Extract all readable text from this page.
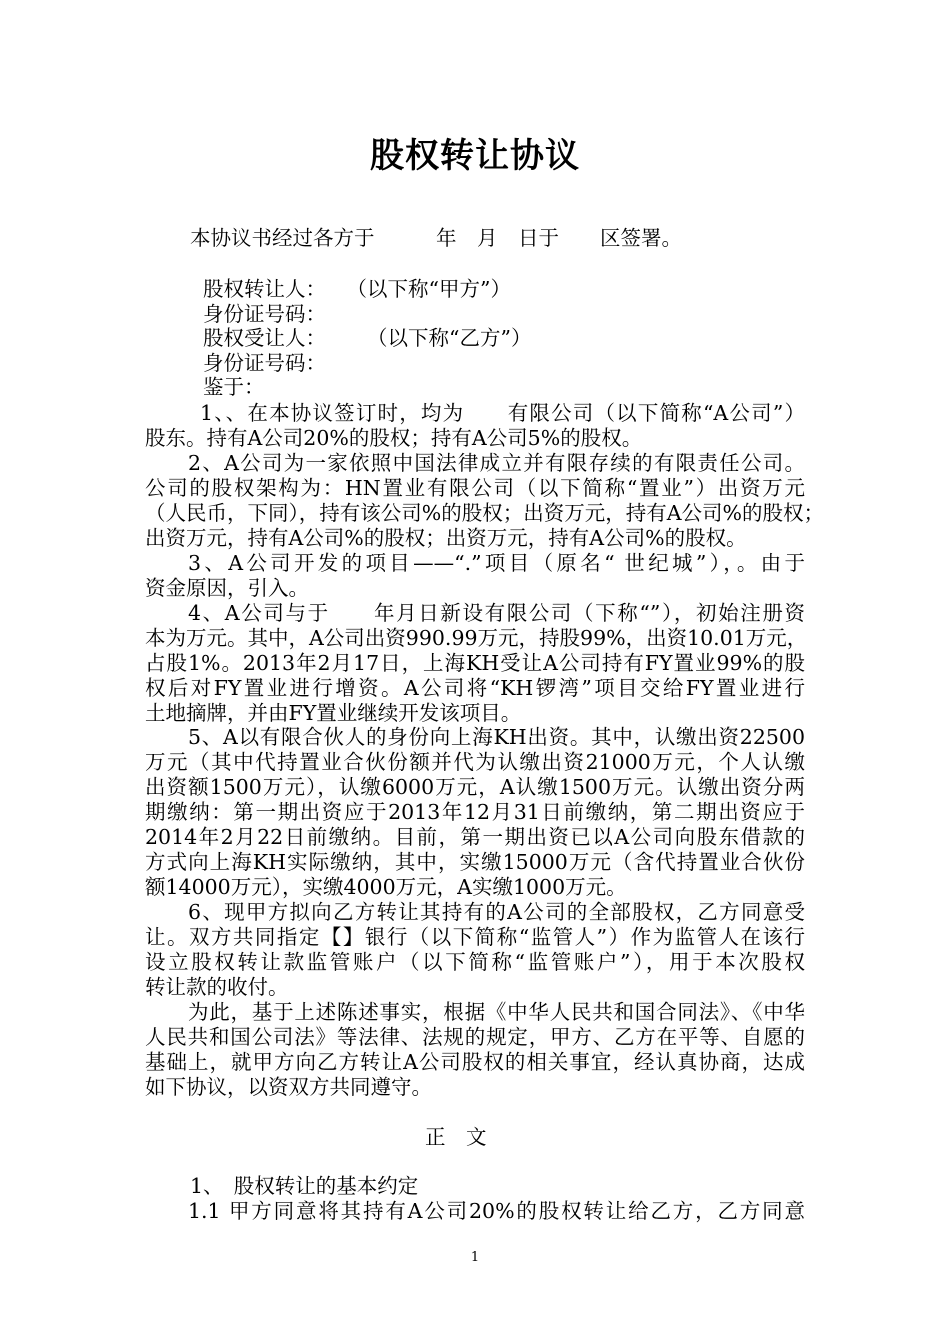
股权转让协议
本协议书经过各方于　　　年　月　日于　　区签署。
股权转让人：　　（以下称“甲方”）
身份证号码：
股权受让人：　　　（以下称“乙方”）
身份证号码：
鉴于：
1、、在本协议签订时，均为　　有限公司（以下简称“A公司”）
股东。持有A公司20%的股权；持有A公司5%的股权。
2、A公司为一家依照中国法律成立并有限存续的有限责任公司。
公司的股权架构为：HN置业有限公司（以下简称“置业”）出资万元
（人民币，下同），持有该公司%的股权；出资万元，持有A公司%的股权；
出资万元，持有A公司%的股权；出资万元，持有A公司%的股权。
3、A公司开发的项目——“.”项目（原名“ 世纪城”），。由于
资金原因，引入。
4、A公司与于　　年月日新设有限公司（下称“”），初始注册资
本为万元。其中，A公司出资990.99万元，持股99%，出资10.01万元，
占股1%。2013年2月17日，上海KH受让A公司持有FY置业99%的股
权后对FY置业进行增资。A公司将“KH锣湾”项目交给FY置业进行
土地摘牌，并由FY置业继续开发该项目。
5、A以有限合伙人的身份向上海KH出资。其中，认缴出资22500
万元（其中代持置业合伙份额并代为认缴出资21000万元，个人认缴
出资额1500万元），认缴6000万元，A认缴1500万元。认缴出资分两
期缴纳：第一期出资应于2013年12月31日前缴纳，第二期出资应于
2014年2月22日前缴纳。目前，第一期出资已以A公司向股东借款的
方式向上海KH实际缴纳，其中，实缴15000万元（含代持置业合伙份
额14000万元），实缴4000万元，A实缴1000万元。
6、现甲方拟向乙方转让其持有的A公司的全部股权，乙方同意受
让。双方共同指定【】银行（以下简称“监管人”）作为监管人在该行
设立股权转让款监管账户（以下简称“监管账户”），用于本次股权
转让款的收付。
为此，基于上述陈述事实，根据《中华人民共和国合同法》、《中华
人民共和国公司法》等法律、法规的规定，甲方、乙方在平等、自愿的
基础上，就甲方向乙方转让A公司股权的相关事宜，经认真协商，达成
如下协议，以资双方共同遵守。
正　文
1、　股权转让的基本约定
1.1 甲方同意将其持有A公司20%的股权转让给乙方，乙方同意
1
